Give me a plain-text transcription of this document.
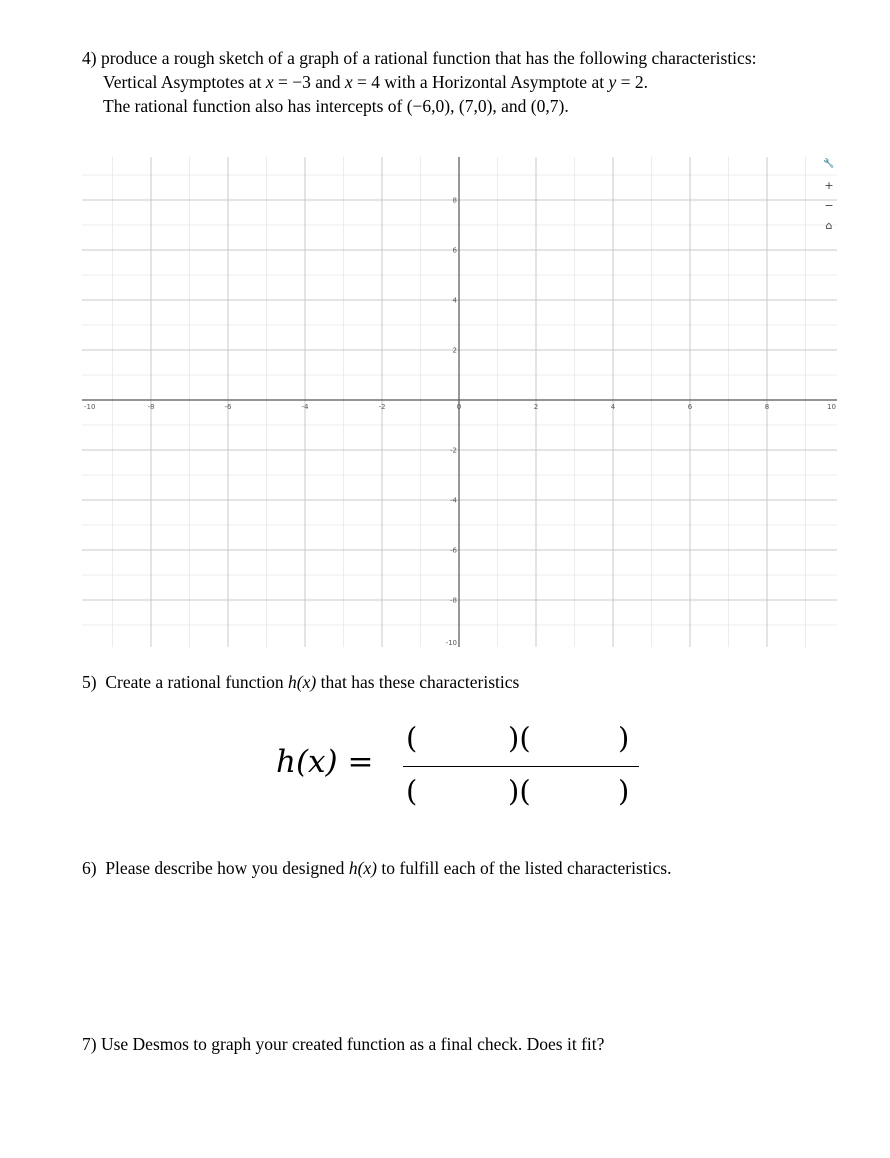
4) produce a rough sketch of a graph of a rational function that has the following characteristics:
Vertical Asymptotes at x = −3 and x = 4 with a Horizontal Asymptote at y = 2.
The rational function also has intercepts of (−6,0), (7,0), and (0,7).
-10	-8	-6	-4	-2	0	2	4	6	8	10
8
6
4
2
-2
-4
-6
-8
-10
🔧
+
−
⌂
5) Create a rational function h(x) that has these characteristics
h(x) =
(	)(	)
(	)(	)
6) Please describe how you designed h(x) to fulfill each of the listed characteristics.
7) Use Desmos to graph your created function as a final check. Does it fit?
